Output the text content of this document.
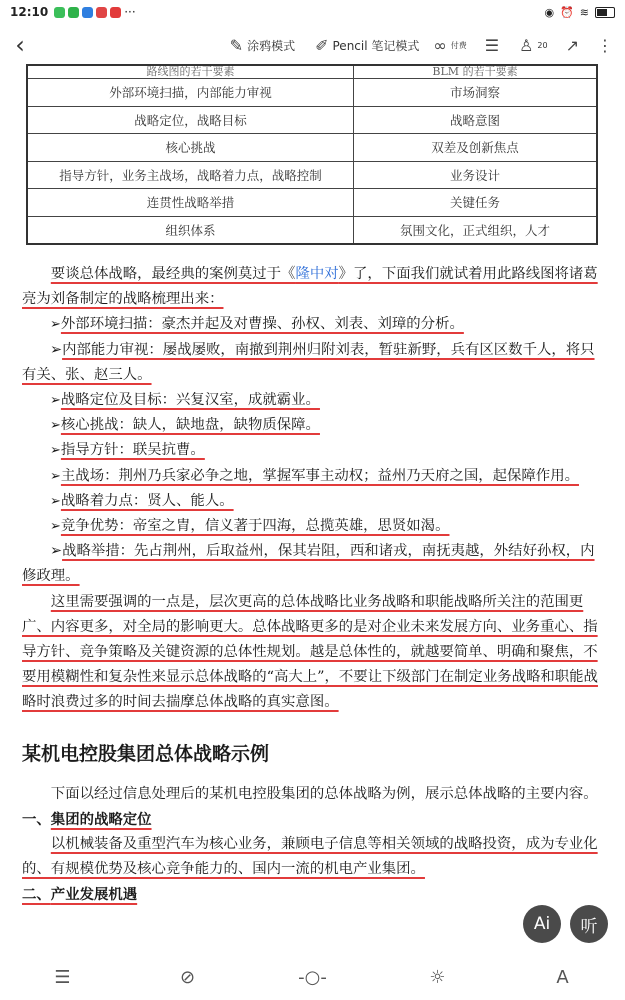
12:10	···	◉ ⏰ ≋
‹	✎ 涂鸦模式 ✐ Pencil 笔记模式 ∞ 付费 ☰ ♙ 20 ↗ ⋮
路线图的若干要素	BLM 的若干要素
外部环境扫描，内部能力审视	市场洞察
战略定位，战略目标	战略意图
核心挑战	双差及创新焦点
指导方针，业务主战场，战略着力点，战略控制	业务设计
连贯性战略举措	关键任务
组织体系	氛围文化，正式组织，人才

要谈总体战略，最经典的案例莫过于《隆中对》了，下面我们就试着用此路线图将诸葛亮为刘备制定的战略梳理出来：

➢外部环境扫描：豪杰并起及对曹操、孙权、刘表、刘璋的分析。

➢内部能力审视：屡战屡败，南撤到荆州归附刘表，暂驻新野，兵有区区数千人，将只有关、张、赵三人。

➢战略定位及目标：兴复汉室，成就霸业。

➢核心挑战：缺人，缺地盘，缺物质保障。

➢指导方针：联吴抗曹。

➢主战场：荆州乃兵家必争之地，掌握军事主动权；益州乃天府之国，起保障作用。

➢战略着力点：贤人、能人。

➢竞争优势：帝室之胄，信义著于四海，总揽英雄，思贤如渴。

➢战略举措：先占荆州，后取益州，保其岩阻，西和诸戎，南抚夷越，外结好孙权，内修政理。

这里需要强调的一点是，层次更高的总体战略比业务战略和职能战略所关注的范围更广、内容更多，对全局的影响更大。总体战略更多的是对企业未来发展方向、业务重心、指导方针、竞争策略及关键资源的总体性规划。越是总体性的，就越要简单、明确和聚焦，不要用模糊性和复杂性来显示总体战略的“高大上”，不要让下级部门在制定业务战略和职能战略时浪费过多的时间去揣摩总体战略的真实意图。

某机电控股集团总体战略示例

下面以经过信息处理后的某机电控股集团的总体战略为例，展示总体战略的主要内容。

一、集团的战略定位

以机械装备及重型汽车为核心业务，兼顾电子信息等相关领域的战略投资，成为专业化的、有规模优势及核心竞争能力的、国内一流的机电产业集团。

二、产业发展机遇

Ai 听
☰	⊘	-○-	☼	A
